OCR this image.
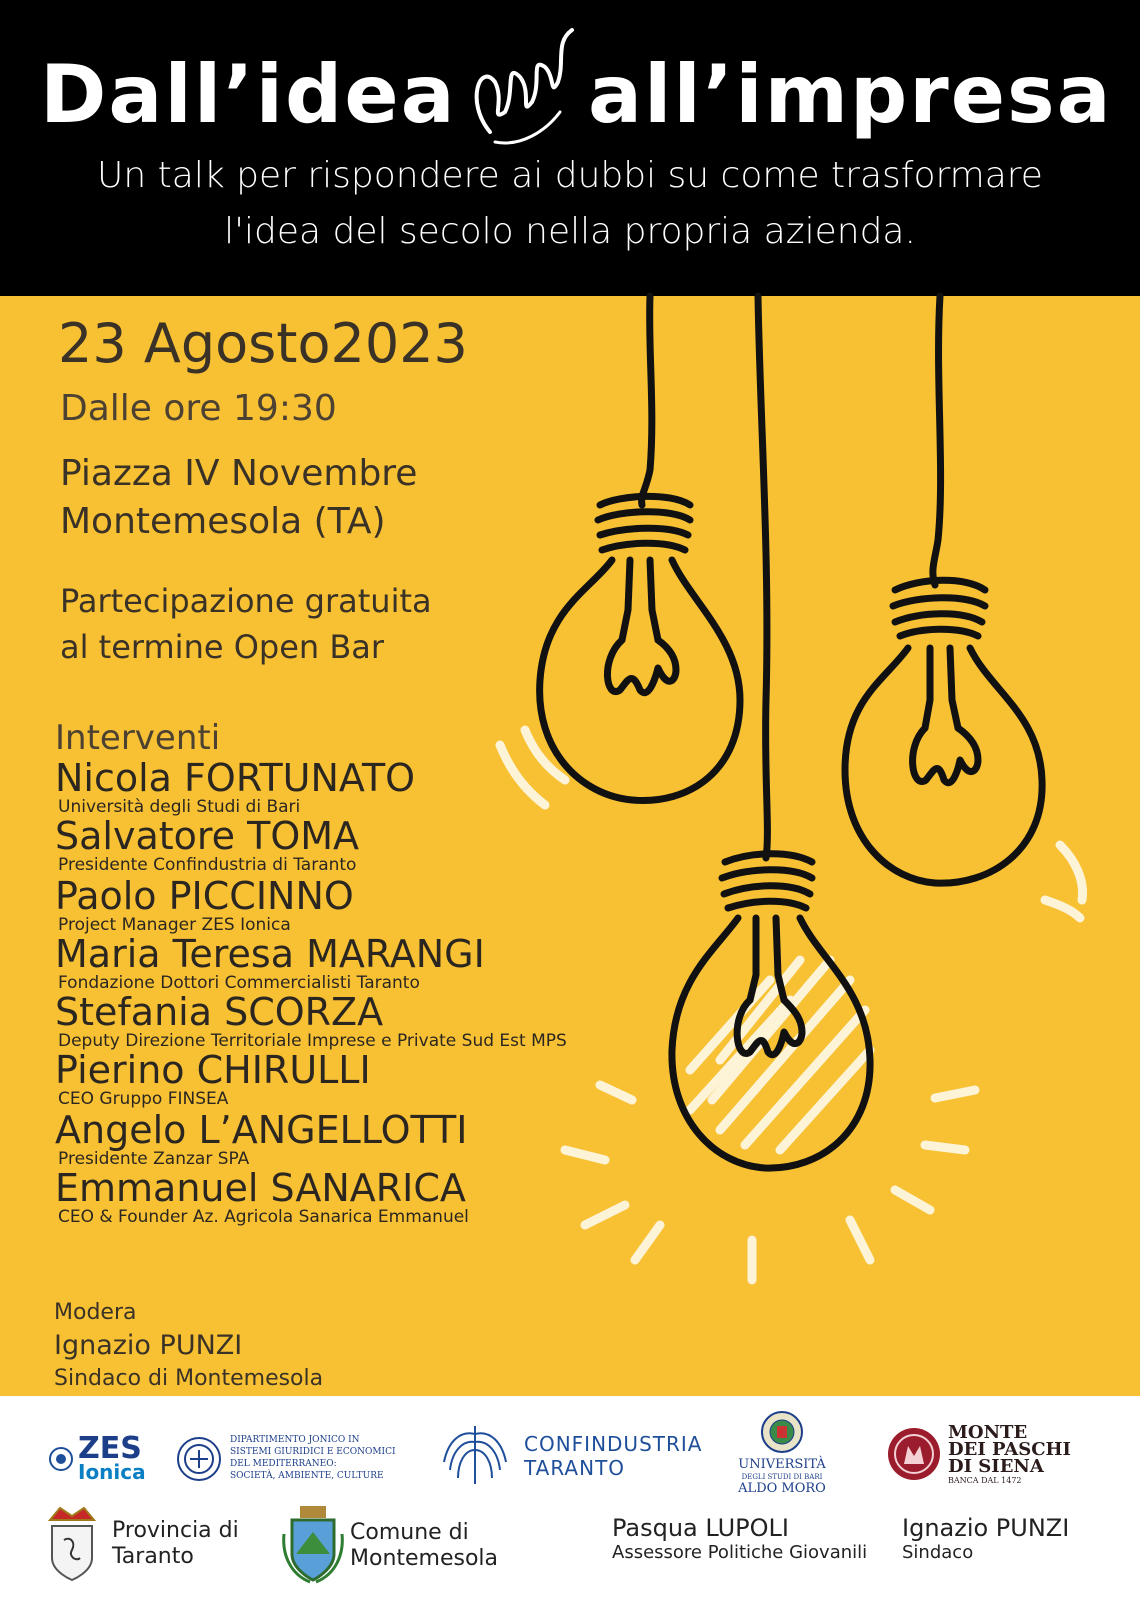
Dall’idea all’impresa
Un talk per rispondere ai dubbi su come trasformare
l'idea del secolo nella propria azienda.
23 Agosto2023
Dalle ore 19:30
Piazza IV Novembre
Montemesola (TA)
Partecipazione gratuita
al termine Open Bar
Interventi
Nicola FORTUNATO
Università degli Studi di Bari
Salvatore TOMA
Presidente Confindustria di Taranto
Paolo PICCINNO
Project Manager ZES Ionica
Maria Teresa MARANGI
Fondazione Dottori Commercialisti Taranto
Stefania SCORZA
Deputy Direzione Territoriale Imprese e Private Sud Est MPS
Pierino CHIRULLI
CEO Gruppo FINSEA
Angelo L’ANGELLOTTI
Presidente Zanzar SPA
Emmanuel SANARICA
CEO & Founder Az. Agricola Sanarica Emmanuel
Modera
Ignazio PUNZI
Sindaco di Montemesola
ZES
Ionica
DIPARTIMENTO JONICO IN
SISTEMI GIURIDICI E ECONOMICI
DEL MEDITERRANEO:
SOCIETÀ, AMBIENTE, CULTURE
CONFINDUSTRIA
TARANTO	UNIVERSITÀ
DEGLI STUDI DI BARI
ALDO MORO
MONTE
DEI PASCHI
DI SIENA
BANCA DAL 1472
Provincia di
Taranto
Comune di
Montemesola
Pasqua LUPOLI
Assessore Politiche Giovanili
Ignazio PUNZI
Sindaco
